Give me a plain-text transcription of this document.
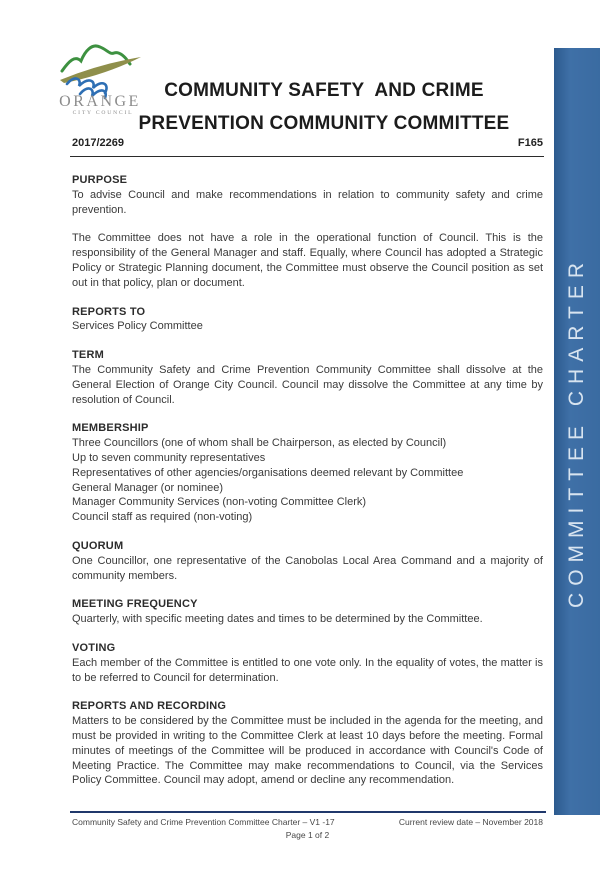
ORANGE
CITY COUNCIL
COMMUNITY SAFETY  AND CRIME
PREVENTION COMMUNITY COMMITTEE
2017/2269	F165
PURPOSE

To advise Council and make recommendations in relation to community safety and crime prevention.

The Committee does not have a role in the operational function of Council. This is the responsibility of the General Manager and staff. Equally, where Council has adopted a Strategic Policy or Strategic Planning document, the Committee must observe the Council position as set out in that policy, plan or document.

REPORTS TO

Services Policy Committee

TERM

The Community Safety and Crime Prevention Community Committee shall dissolve at the General Election of Orange City Council. Council may dissolve the Committee at any time by resolution of Council.

MEMBERSHIP
Three Councillors (one of whom shall be Chairperson, as elected by Council)
Up to seven community representatives
Representatives of other agencies/organisations deemed relevant by Committee
General Manager (or nominee)
Manager Community Services (non-voting Committee Clerk)
Council staff as required (non-voting)
QUORUM

One Councillor, one representative of the Canobolas Local Area Command and a majority of community members.

MEETING FREQUENCY

Quarterly, with specific meeting dates and times to be determined by the Committee.

VOTING

Each member of the Committee is entitled to one vote only. In the equality of votes, the matter is to be referred to Council for determination.

REPORTS AND RECORDING

Matters to be considered by the Committee must be included in the agenda for the meeting, and must be provided in writing to the Committee Clerk at least 10 days before the meeting. Formal minutes of meetings of the Committee will be produced in accordance with Council's Code of Meeting Practice. The Committee may make recommendations to Council, via the Services Policy Committee. Council may adopt, amend or decline any recommendation.

Community Safety and Crime Prevention Committee Charter – V1 -17	Current review date – November 2018
Page 1 of 2
COMMITTEE CHARTER
